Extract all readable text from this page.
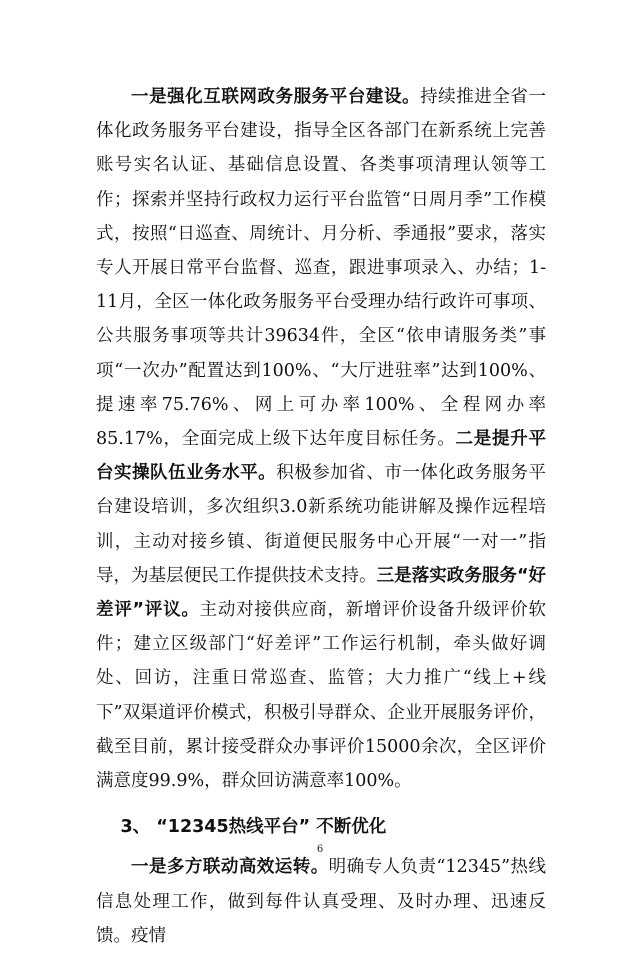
一是强化互联网政务服务平台建设。持续推进全省一体化政务服务平台建设，指导全区各部门在新系统上完善账号实名认证、基础信息设置、各类事项清理认领等工作；探索并坚持行政权力运行平台监管“日周月季”工作模式，按照“日巡查、周统计、月分析、季通报”要求，落实专人开展日常平台监督、巡查，跟进事项录入、办结；1-11月，全区一体化政务服务平台受理办结行政许可事项、公共服务事项等共计39634件，全区“依申请服务类”事项“一次办”配置达到100%、“大厅进驻率”达到100%、提速率75.76%、网上可办率100%、全程网办率85.17%，全面完成上级下达年度目标任务。二是提升平台实操队伍业务水平。积极参加省、市一体化政务服务平台建设培训，多次组织3.0新系统功能讲解及操作远程培训，主动对接乡镇、街道便民服务中心开展“一对一”指导，为基层便民工作提供技术支持。三是落实政务服务“好差评”评议。主动对接供应商，新增评价设备升级评价软件；建立区级部门“好差评”工作运行机制，牵头做好调处、回访，注重日常巡查、监管；大力推广“线上+线下”双渠道评价模式，积极引导群众、企业开展服务评价，截至目前，累计接受群众办事评价15000余次，全区评价满意度99.9%，群众回访满意率100%。

3、 “12345热线平台” 不断优化

一是多方联动高效运转。明确专人负责“12345”热线信息处理工作，做到每件认真受理、及时办理、迅速反馈。疫情

6
